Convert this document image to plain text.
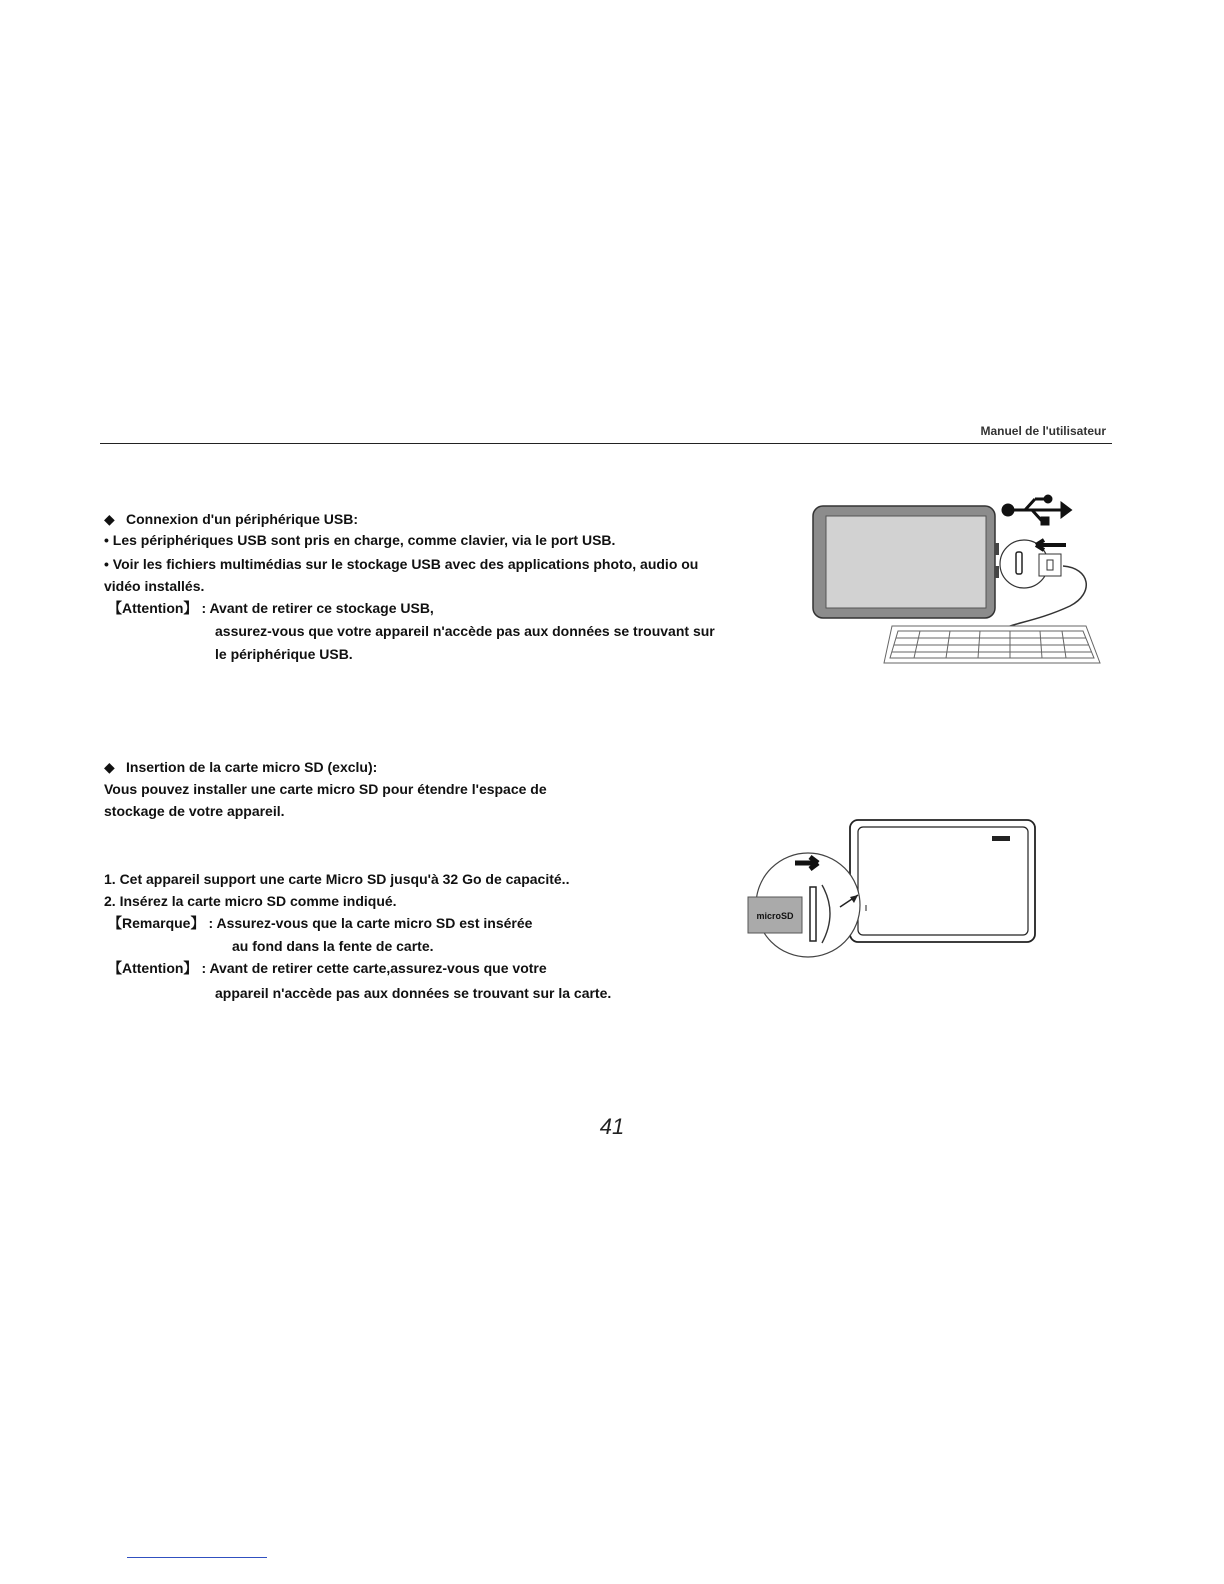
Manuel de l'utilisateur
◆ Connexion d'un périphérique USB:
• Les périphériques USB sont pris en charge, comme clavier, via le port USB.
• Voir les fichiers multimédias sur le stockage USB avec des applications photo, audio ou
vidéo installés.
【Attention】 : Avant de retirer ce stockage USB,
assurez-vous que votre appareil n'accède pas aux données se trouvant sur
le périphérique USB.
◆ Insertion de la carte micro SD (exclu):
Vous pouvez installer une carte micro SD pour étendre l'espace de
stockage de votre appareil.
1. Cet appareil support une carte Micro SD jusqu'à 32 Go de capacité..
2. Insérez la carte micro SD comme indiqué.
【Remarque】 : Assurez-vous que la carte micro SD est insérée
au fond dans la fente de carte.
【Attention】 : Avant de retirer cette carte,assurez-vous que votre
appareil n'accède pas aux données se trouvant sur la carte.
microSD
41
